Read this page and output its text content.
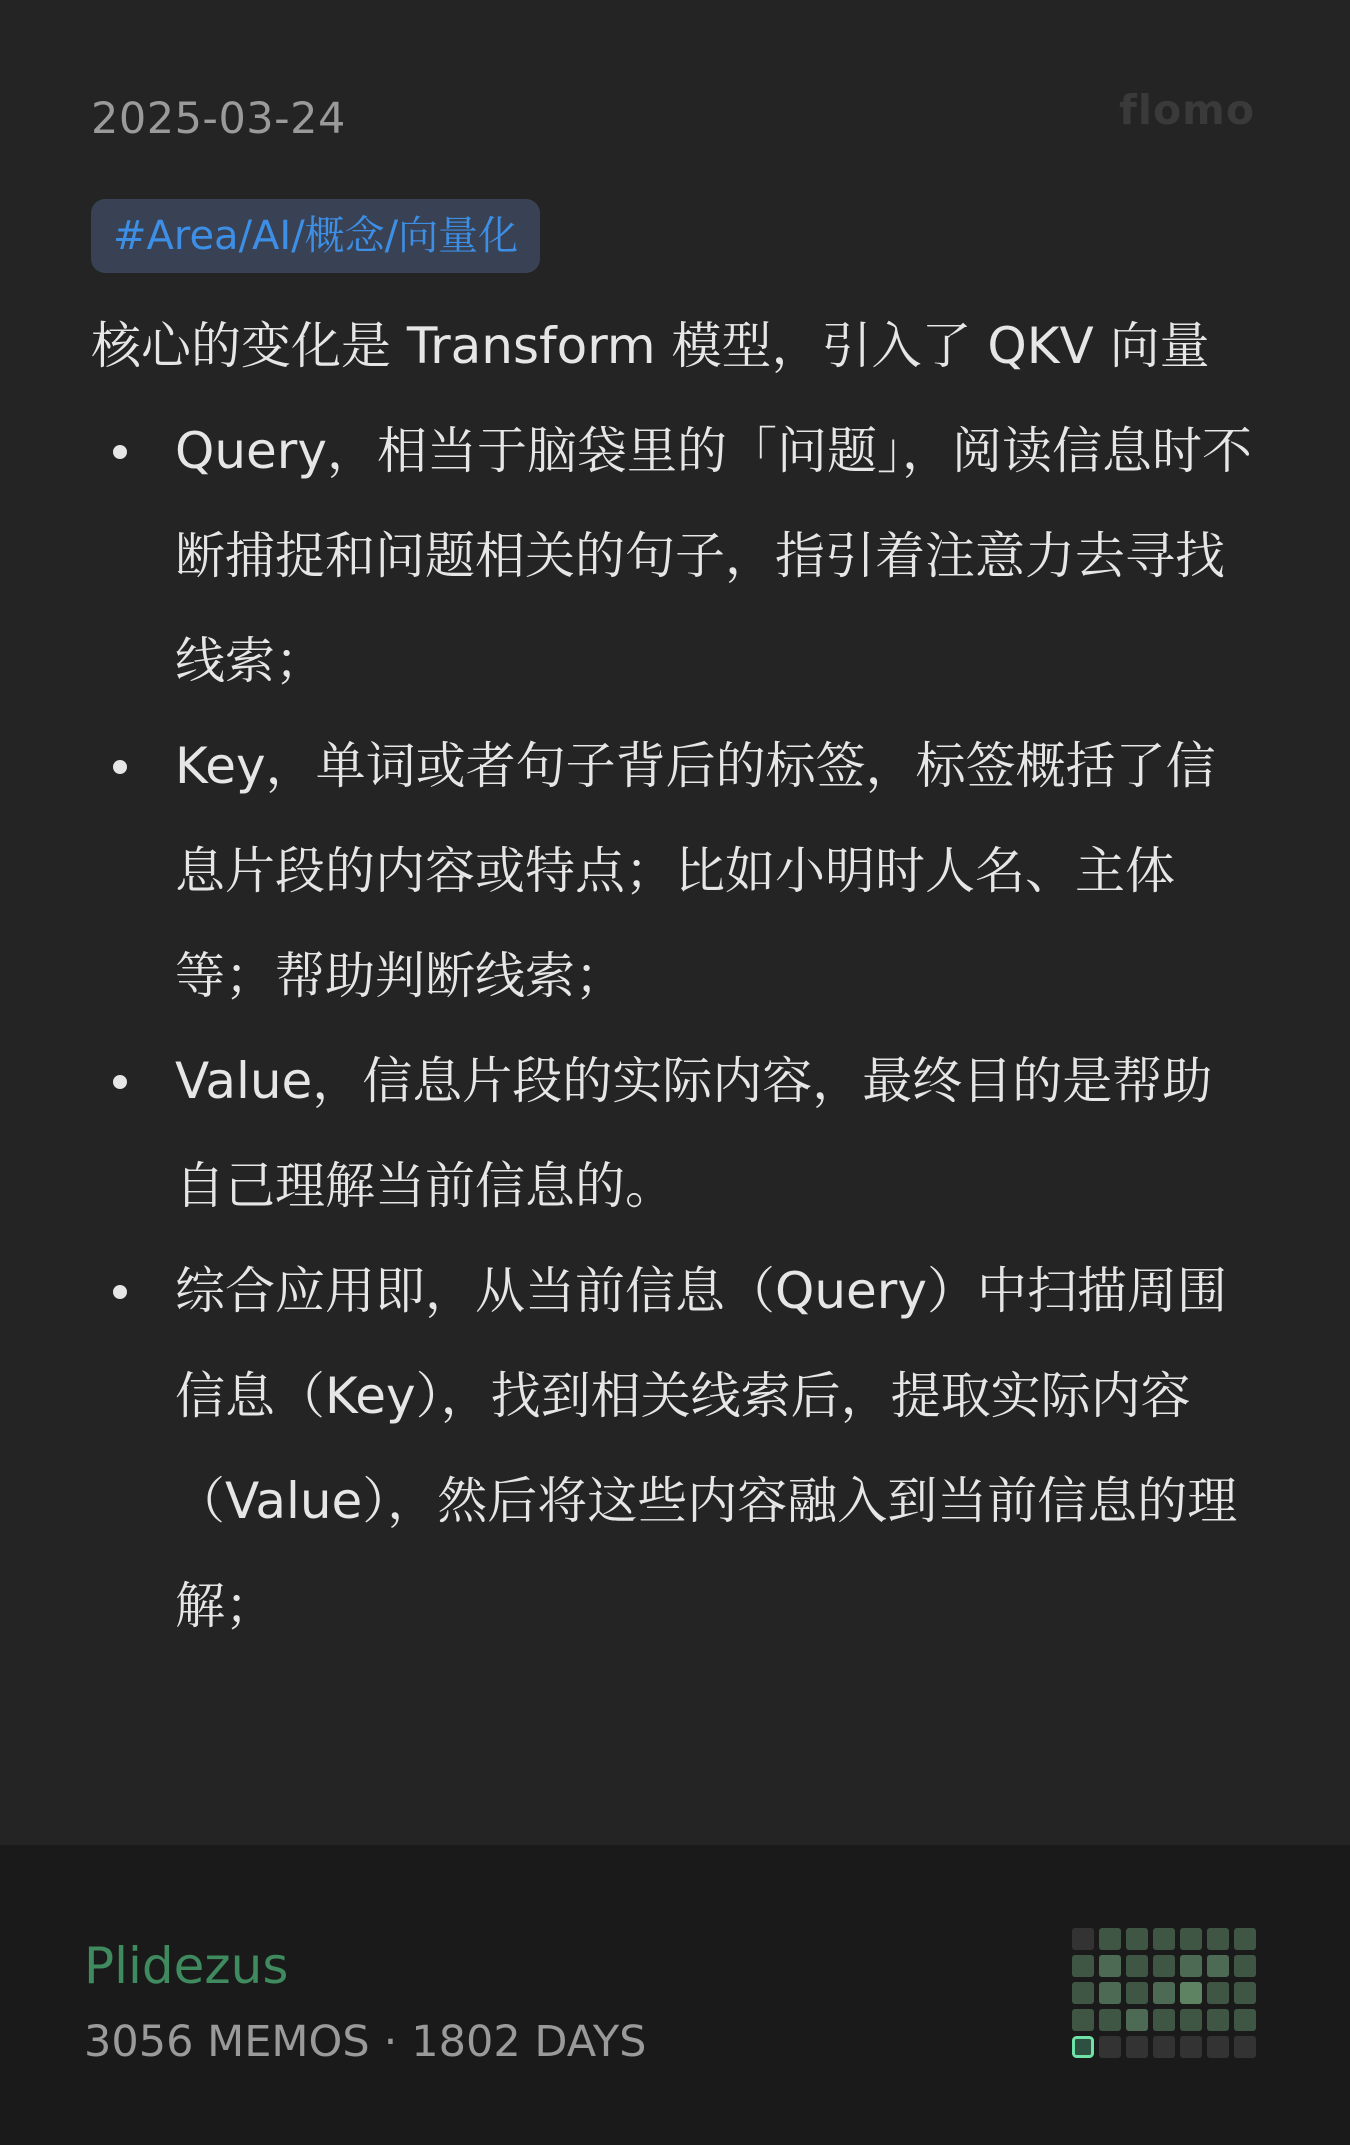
2025-03-24	flomo
#Area/AI/概念/向量化

核心的变化是 Transform 模型，引入了 QKV 向量

Query，相当于脑袋里的「问题」，阅读信息时不断捕捉和问题相关的句子，指引着注意力去寻找线索；
Key，单词或者句子背后的标签，标签概括了信息片段的内容或特点；比如小明时人名、主体等；帮助判断线索；
Value，信息片段的实际内容，最终目的是帮助自己理解当前信息的。
综合应用即，从当前信息（Query）中扫描周围信息（Key），找到相关线索后，提取实际内容（Value），然后将这些内容融入到当前信息的理解；
Plidezus
3056 MEMOS · 1802 DAYS
